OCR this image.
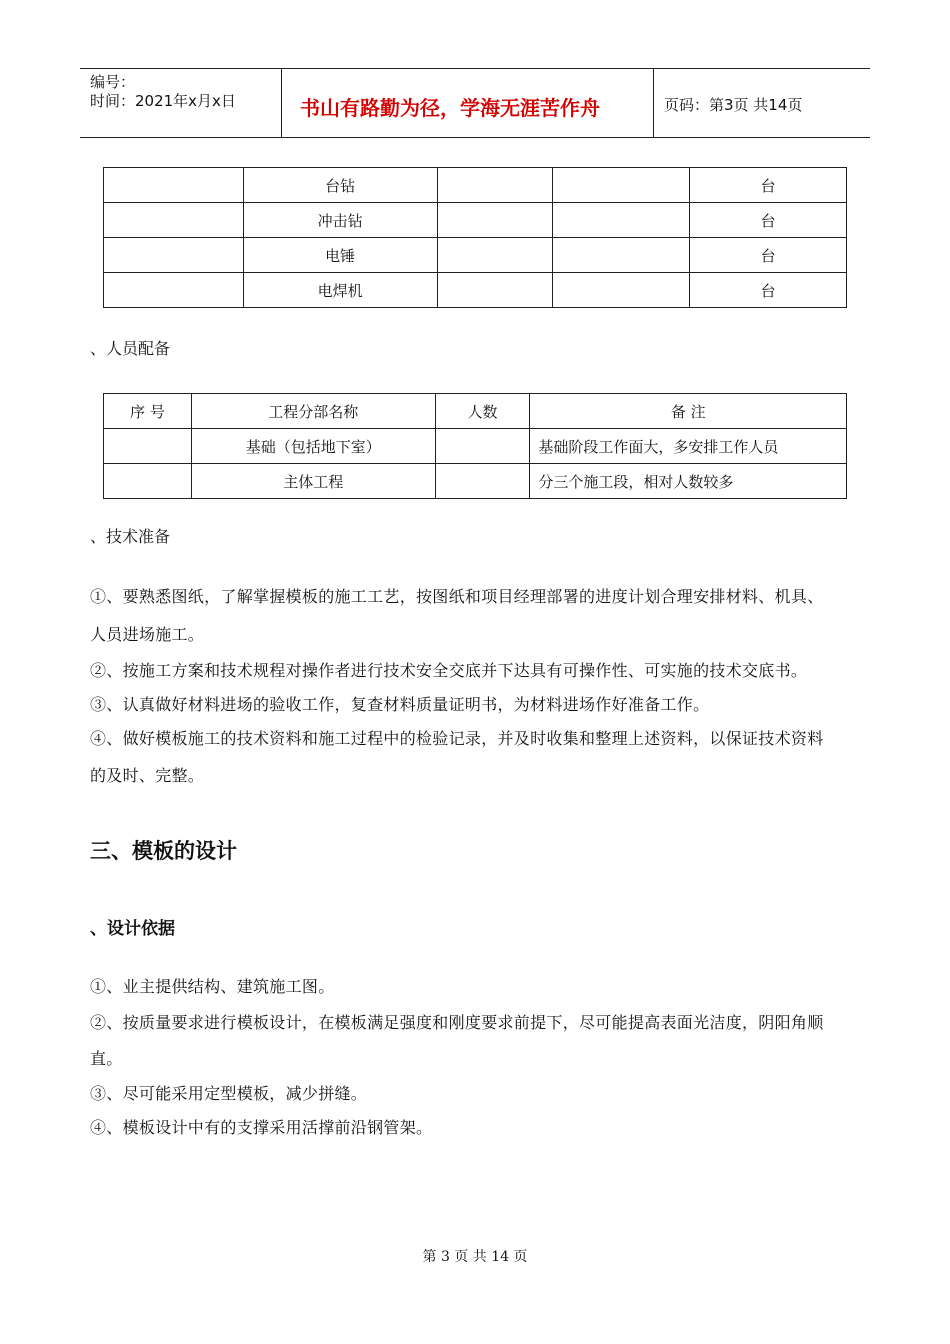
编号：
时间：2021年x月x日	书山有路勤为径，学海无涯苦作舟	页码：第3页 共14页
	台钻			台
	冲击钻			台
	电锤			台
	电焊机			台
、人员配备
序 号	工程分部名称	人数	备 注
	基础（包括地下室）		基础阶段工作面大，多安排工作人员
	主体工程		分三个施工段，相对人数较多
、技术准备
①、要熟悉图纸，了解掌握模板的施工工艺，按图纸和项目经理部署的进度计划合理安排材料、机具、
人员进场施工。
②、按施工方案和技术规程对操作者进行技术安全交底并下达具有可操作性、可实施的技术交底书。
③、认真做好材料进场的验收工作，复查材料质量证明书，为材料进场作好准备工作。
④、做好模板施工的技术资料和施工过程中的检验记录，并及时收集和整理上述资料，以保证技术资料
的及时、完整。
三、模板的设计
、设计依据
①、业主提供结构、建筑施工图。
②、按质量要求进行模板设计，在模板满足强度和刚度要求前提下，尽可能提高表面光洁度，阴阳角顺
直。
③、尽可能采用定型模板，减少拼缝。
④、模板设计中有的支撑采用活撑前沿钢管架。
第 3 页 共 14 页
